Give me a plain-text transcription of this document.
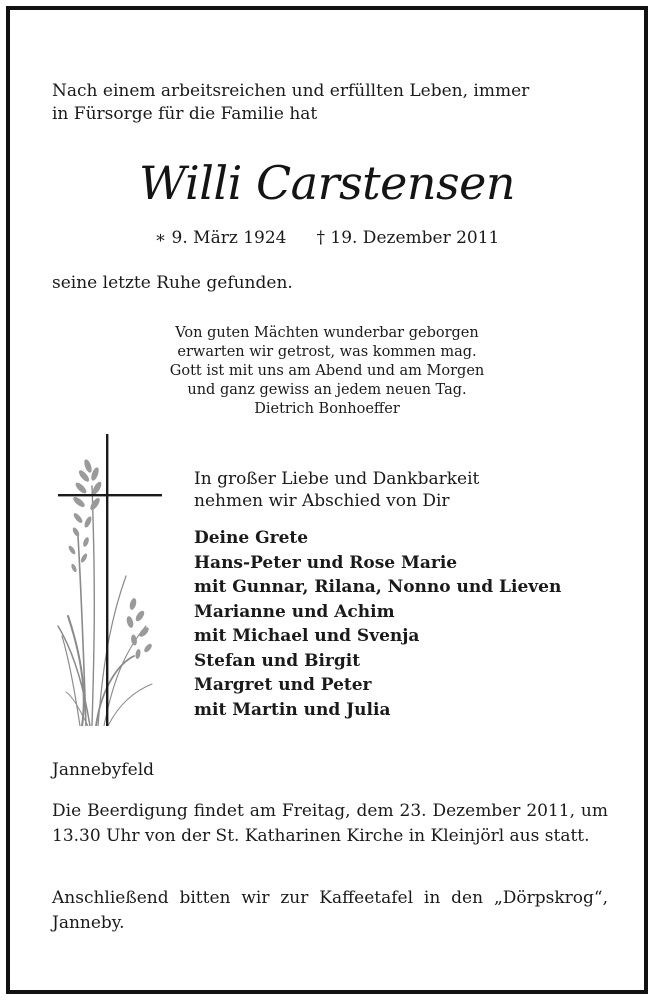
Nach einem arbeitsreichen und erfüllten Leben, immer
in Fürsorge für die Familie hat
Willi Carstensen
∗ 9. März 1924 † 19. Dezember 2011
seine letzte Ruhe gefunden.
Von guten Mächten wunderbar geborgen
erwarten wir getrost, was kommen mag.
Gott ist mit uns am Abend und am Morgen
und ganz gewiss an jedem neuen Tag.
Dietrich Bonhoeffer
In großer Liebe und Dankbarkeit
nehmen wir Abschied von Dir
Deine Grete
Hans-Peter und Rose Marie
mit Gunnar, Rilana, Nonno und Lieven
Marianne und Achim
mit Michael und Svenja
Stefan und Birgit
Margret und Peter
mit Martin und Julia
Jannebyfeld
Die Beerdigung findet am Freitag, dem 23. Dezember 2011, um 13.30 Uhr von der St. Katharinen Kirche in Kleinjörl aus statt.
Anschließend bitten wir zur Kaffeetafel in den „Dörpskrog“, Janneby.
